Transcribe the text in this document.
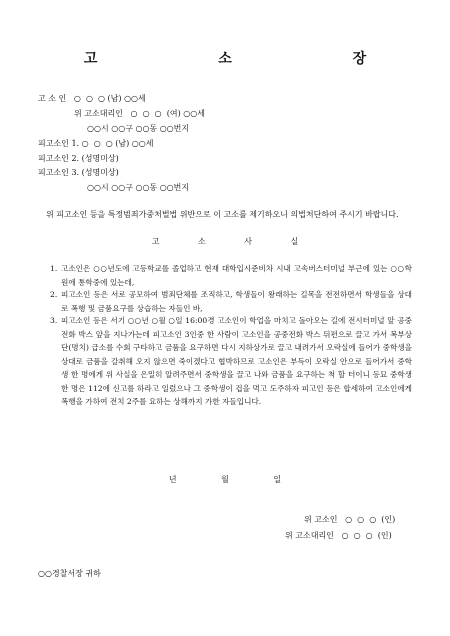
고 소 장
고 소 인   ○  ○  ○ (남) ○○세
위 고소대리인   ○  ○  ○  (여) ○○세
○○시 ○○구 ○○동 ○○번지
피고소인 1. ○  ○  ○ (남) ○○세
피고소인 2. (성명미상)
피고소인 3. (성명미상)
○○시 ○○구 ○○동 ○○번지
위 피고소인 등을 특정범죄가중처벌법 위반으로 이 고소를 제기하오니 의법처단하여 주시기 바랍니다.
고 소 사 실
1. 고소인은 ○○년도에 고등학교를 졸업하고 현재 대학입시준비차 시내 고속버스터미널 부근에 있는 ○○학원에 통학중에 있는데,
2. 피고소인 등은 서로 공모하여 범죄단체를 조직하고, 학생들이 왕래하는 길목을 전전하면서 학생들을 상대로 폭행 및 금품요구를 상습하는 자들인 바,
3. 피고소인 등은 서기 ○○년 ○월 ○일 16:00경 고소인이 학업을 마치고 돌아오는 길에 전시터미널 앞 공중전화 박스 앞을 지나가는데 피고소인 3인중 한 사람이 고소인을 공중전화 박스 뒤편으로 끌고 가서 복부상단(명치) 급소를 수회 구타하고 금품을 요구하면 다시 지하상가로 끌고 내려가서 오락실에 들어가 중학생을 상대로 금품을 갈취해 오지 않으면 죽이겠다고 협박하므로 고소인은 부득이 오락실 안으로 들어가서 중학생 한 명에게 위 사실을 은밀히 알려주면서 중학생을 끌고 나와 금품을 요구하는 척 할 터이니 등묘 중학생 한 명은 112에 신고를 하라고 일렀으나 그 중학생이 겁을 먹고 도주하자 피고인 등은 합세하여 고소인에게 폭행을 가하여 전치 2주를 요하는 상해까지 가한 자들입니다.
년 월 일
위 고소인   ○  ○  ○  (인)
위 고소대리인   ○  ○  ○  (인)
○○경찰서장 귀하
